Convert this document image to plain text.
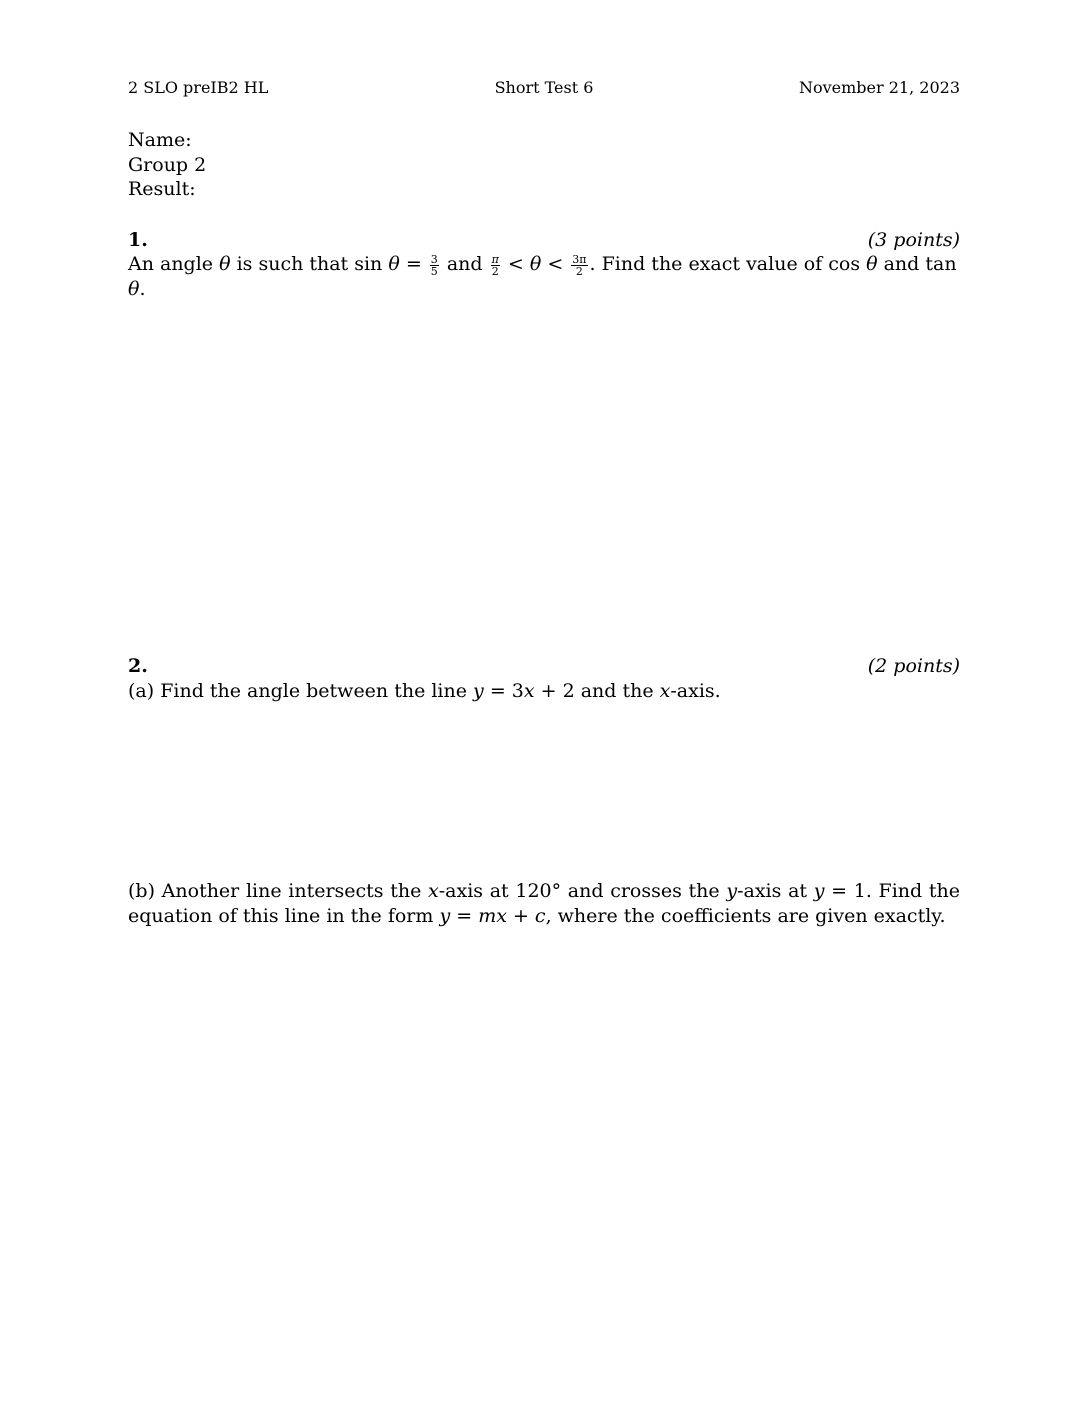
2 SLO preIB2 HL	Short Test 6	November 21, 2023
Name:
Group 2
Result:
1.	(3 points)
An angle θ is such that $\sin \theta = \frac{3}{5}$ and $\frac{\pi}{2} < \theta < \frac{3\pi}{2}$ . Find the exact value of cos θ and tan θ.
2.	(2 points)
(a) Find the angle between the line y = 3x + 2 and the x-axis.
(b) Another line intersects the x-axis at 120° and crosses the y-axis at y = 1. Find the equation of this line in the form y = mx + c, where the coefficients are given exactly.
